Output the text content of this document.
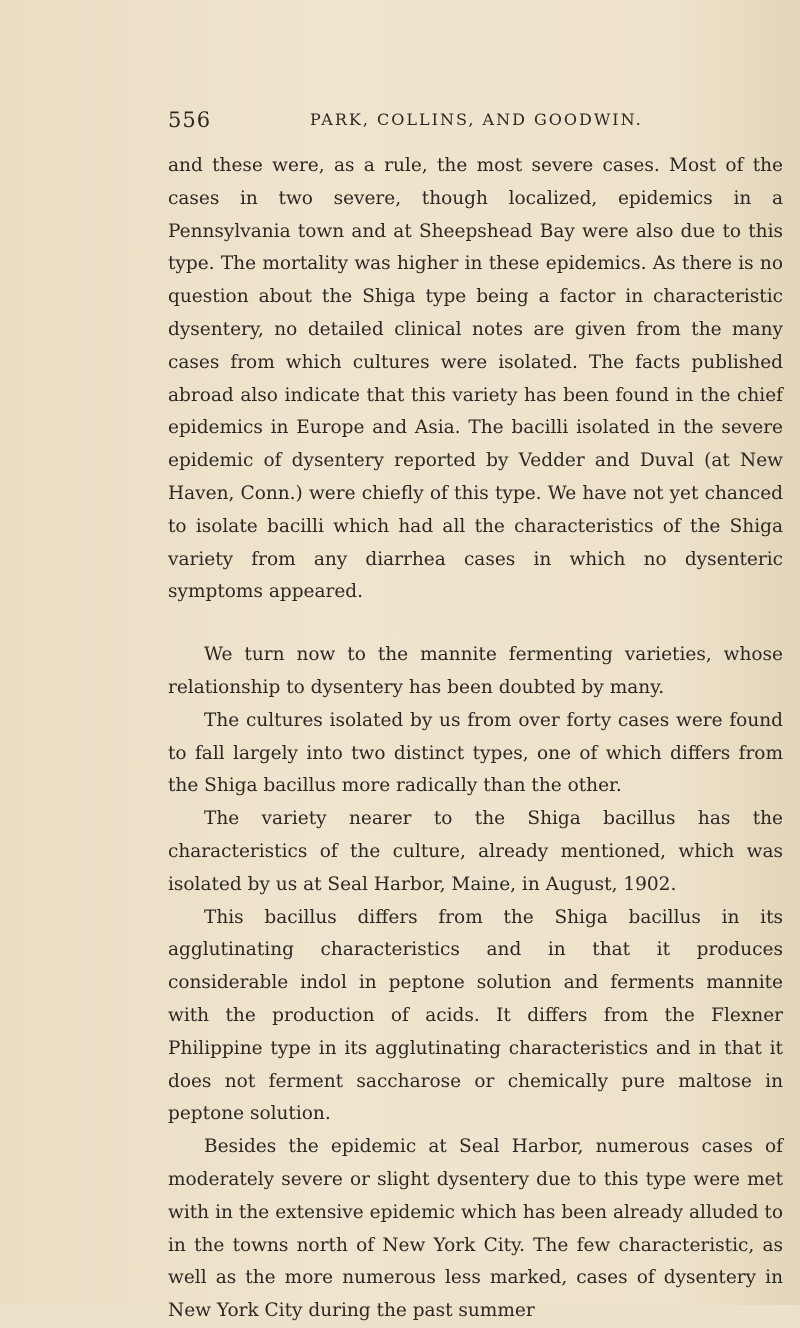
556	PARK, COLLINS, AND GOODWIN.

and these were, as a rule, the most severe cases. Most of the cases in two severe, though localized, epidemics in a Pennsylvania town and at Sheepshead Bay were also due to this type. The mortality was higher in these epidemics. As there is no question about the Shiga type being a factor in characteristic dysentery, no detailed clinical notes are given from the many cases from which cultures were isolated. The facts published abroad also indicate that this variety has been found in the chief epidemics in Europe and Asia. The bacilli isolated in the severe epidemic of dysentery reported by Vedder and Duval (at New Haven, Conn.) were chiefly of this type. We have not yet chanced to isolate bacilli which had all the characteristics of the Shiga variety from any diarrhea cases in which no dysenteric symptoms appeared.

We turn now to the mannite fermenting varieties, whose relationship to dysentery has been doubted by many.

The cultures isolated by us from over forty cases were found to fall largely into two distinct types, one of which differs from the Shiga bacillus more radically than the other.

The variety nearer to the Shiga bacillus has the characteristics of the culture, already mentioned, which was isolated by us at Seal Harbor, Maine, in August, 1902.

This bacillus differs from the Shiga bacillus in its agglutinating characteristics and in that it produces considerable indol in peptone solution and ferments mannite with the production of acids. It differs from the Flexner Philippine type in its agglutinating characteristics and in that it does not ferment saccharose or chemically pure maltose in peptone solution.

Besides the epidemic at Seal Harbor, numerous cases of moderately severe or slight dysentery due to this type were met with in the extensive epidemic which has been already alluded to in the towns north of New York City. The few characteristic, as well as the more numerous less marked, cases of dysentery in New York City during the past summer
